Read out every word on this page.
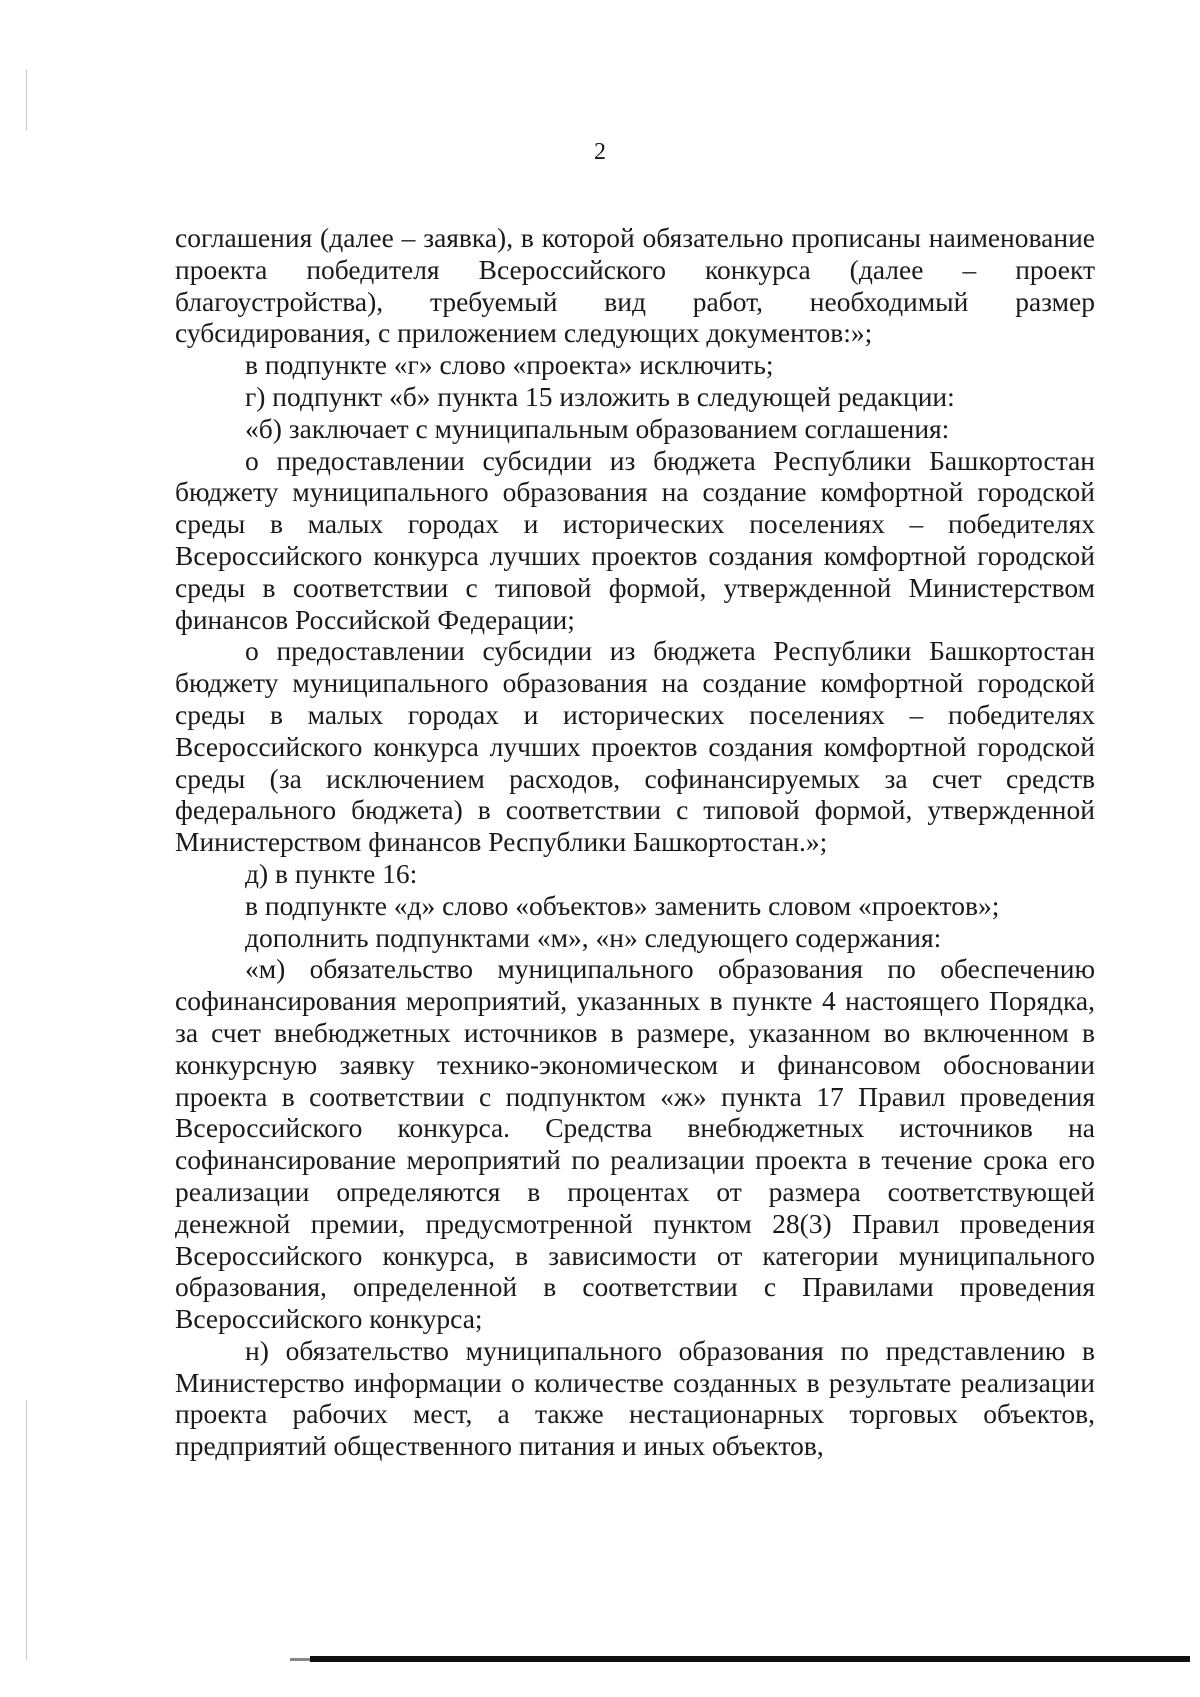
2

соглашения (далее – заявка), в которой обязательно прописаны наименование проекта победителя Всероссийского конкурса (далее – проект благоустройства), требуемый вид работ, необходимый размер субсидирования, с приложением следующих документов:»;

в подпункте «г» слово «проекта» исключить;

г) подпункт «б» пункта 15 изложить в следующей редакции:

«б) заключает с муниципальным образованием соглашения:

о предоставлении субсидии из бюджета Республики Башкортостан бюджету муниципального образования на создание комфортной городской среды в малых городах и исторических поселениях – победителях Всероссийского конкурса лучших проектов создания комфортной городской среды в соответствии с типовой формой, утвержденной Министерством финансов Российской Федерации;

о предоставлении субсидии из бюджета Республики Башкортостан бюджету муниципального образования на создание комфортной городской среды в малых городах и исторических поселениях – победителях Всероссийского конкурса лучших проектов создания комфортной городской среды (за исключением расходов, софинансируемых за счет средств федерального бюджета) в соответствии с типовой формой, утвержденной Министерством финансов Республики Башкортостан.»;

д) в пункте 16:

в подпункте «д» слово «объектов» заменить словом «проектов»;

дополнить подпунктами «м», «н» следующего содержания:

«м) обязательство муниципального образования по обеспечению софинансирования мероприятий, указанных в пункте 4 настоящего Порядка, за счет внебюджетных источников в размере, указанном во включенном в конкурсную заявку технико-экономическом и финансовом обосновании проекта в соответствии с подпунктом «ж» пункта 17 Правил проведения Всероссийского конкурса. Средства внебюджетных источников на софинансирование мероприятий по реализации проекта в течение срока его реализации определяются в процентах от размера соответствующей денежной премии, предусмотренной пунктом 28(3) Правил проведения Всероссийского конкурса, в зависимости от категории муниципального образования, определенной в соответствии с Правилами проведения Всероссийского конкурса;

н) обязательство муниципального образования по представлению в Министерство информации о количестве созданных в результате реализации проекта рабочих мест, а также нестационарных торговых объектов, предприятий общественного питания и иных объектов,
